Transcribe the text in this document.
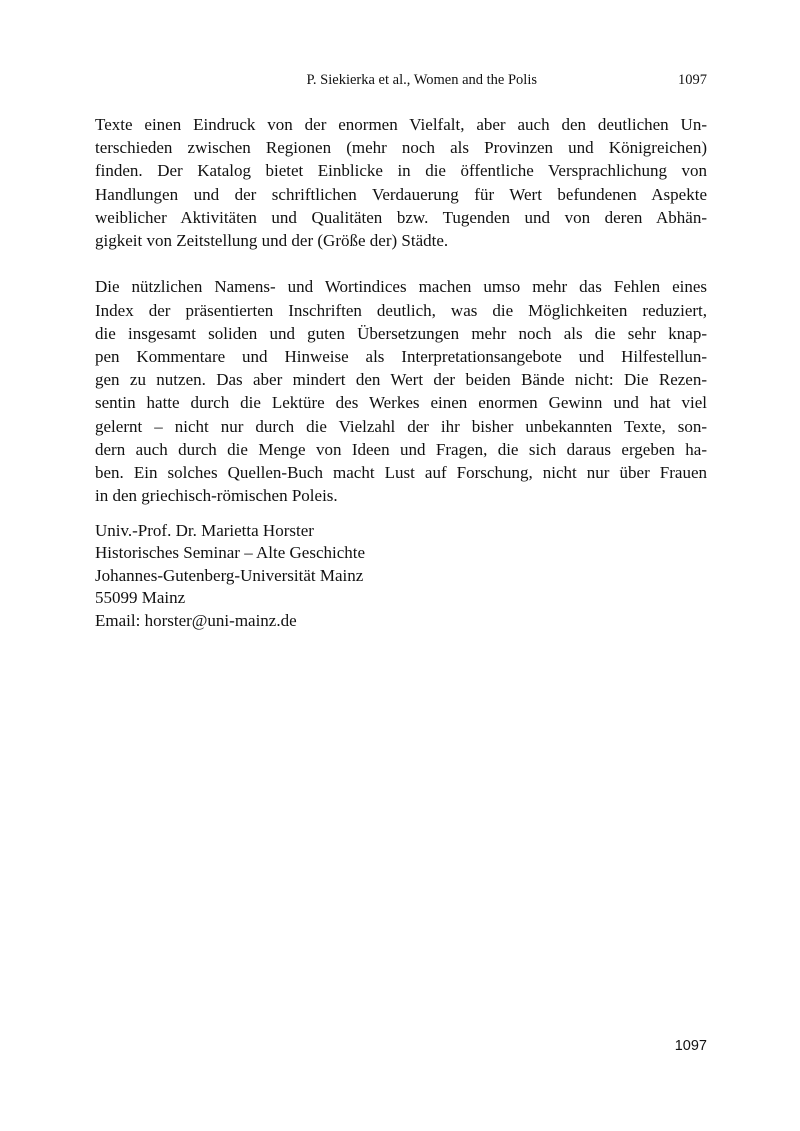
P. Siekierka et al., Women and the Polis	1097
Texte einen Eindruck von der enormen Vielfalt, aber auch den deutlichen Un-
terschieden zwischen Regionen (mehr noch als Provinzen und Königreichen)
finden. Der Katalog bietet Einblicke in die öffentliche Versprachlichung von
Handlungen und der schriftlichen Verdauerung für Wert befundenen Aspekte
weiblicher Aktivitäten und Qualitäten bzw. Tugenden und von deren Abhän-
gigkeit von Zeitstellung und der (Größe der) Städte.
Die nützlichen Namens- und Wortindices machen umso mehr das Fehlen eines
Index der präsentierten Inschriften deutlich, was die Möglichkeiten reduziert,
die insgesamt soliden und guten Übersetzungen mehr noch als die sehr knap-
pen Kommentare und Hinweise als Interpretationsangebote und Hilfestellun-
gen zu nutzen. Das aber mindert den Wert der beiden Bände nicht: Die Rezen-
sentin hatte durch die Lektüre des Werkes einen enormen Gewinn und hat viel
gelernt – nicht nur durch die Vielzahl der ihr bisher unbekannten Texte, son-
dern auch durch die Menge von Ideen und Fragen, die sich daraus ergeben ha-
ben. Ein solches Quellen-Buch macht Lust auf Forschung, nicht nur über Frauen
in den griechisch-römischen Poleis.
Univ.-Prof. Dr. Marietta Horster
Historisches Seminar – Alte Geschichte
Johannes-Gutenberg-Universität Mainz
55099 Mainz
Email: horster@uni-mainz.de
1097
